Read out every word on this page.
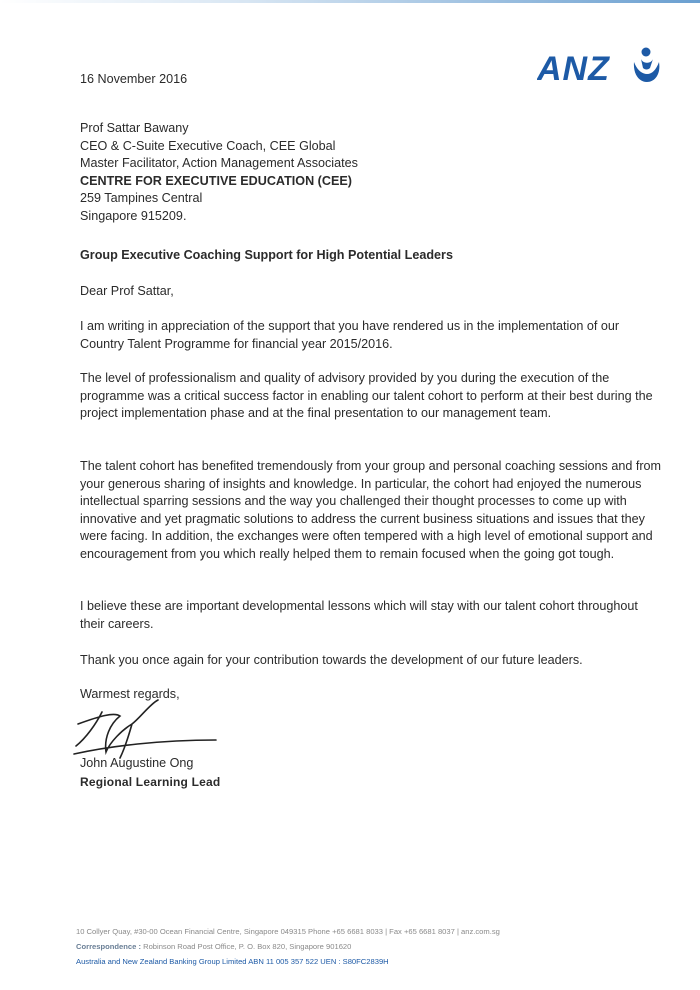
ANZ
16 November 2016
Prof Sattar Bawany
CEO & C-Suite Executive Coach, CEE Global
Master Facilitator, Action Management Associates
CENTRE FOR EXECUTIVE EDUCATION (CEE)
259 Tampines Central
Singapore 915209.
Group Executive Coaching Support for High Potential Leaders
Dear Prof Sattar,
I am writing in appreciation of the support that you have rendered us in the implementation of our Country Talent Programme for financial year 2015/2016.
The level of professionalism and quality of advisory provided by you during the execution of the programme was a critical success factor in enabling our talent cohort to perform at their best during the project implementation phase and at the final presentation to our management team.
The talent cohort has benefited tremendously from your group and personal coaching sessions and from your generous sharing of insights and knowledge. In particular, the cohort had enjoyed the numerous intellectual sparring sessions and the way you challenged their thought processes to come up with innovative and yet pragmatic solutions to address the current business situations and issues that they were facing. In addition, the exchanges were often tempered with a high level of emotional support and encouragement from you which really helped them to remain focused when the going got tough.
I believe these are important developmental lessons which will stay with our talent cohort throughout their careers.
Thank you once again for your contribution towards the development of our future leaders.
Warmest regards,
John Augustine Ong
Regional Learning Lead
10 Collyer Quay, #30-00 Ocean Financial Centre, Singapore 049315 Phone +65 6681 8033 | Fax +65 6681 8037 | anz.com.sg
Correspondence : Robinson Road Post Office, P. O. Box 820, Singapore 901620
Australia and New Zealand Banking Group Limited ABN 11 005 357 522 UEN : S80FC2839H
